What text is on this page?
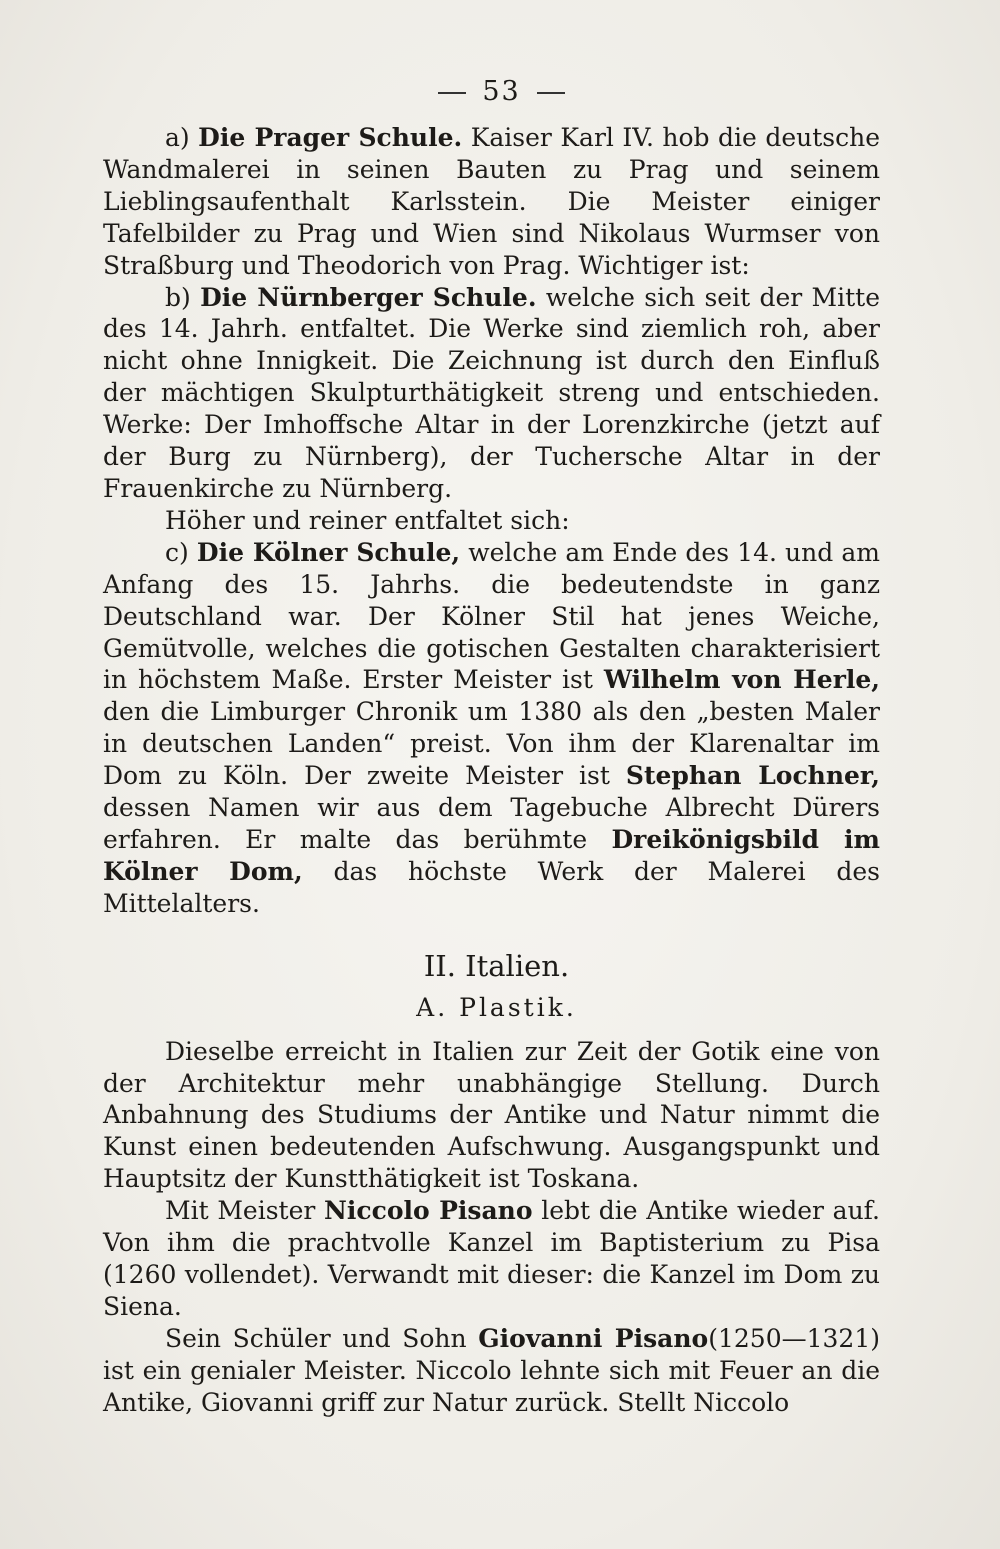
53

a) Die Prager Schule. Kaiser Karl IV. hob die deutsche Wandmalerei in seinen Bauten zu Prag und seinem Lieblingsaufenthalt Karlsstein. Die Meister einiger Tafelbilder zu Prag und Wien sind Nikolaus Wurmser von Straßburg und Theodorich von Prag. Wichtiger ist:

b) Die Nürnberger Schule. welche sich seit der Mitte des 14. Jahrh. entfaltet. Die Werke sind ziemlich roh, aber nicht ohne Innigkeit. Die Zeichnung ist durch den Einfluß der mächtigen Skulpturthätigkeit streng und entschieden. Werke: Der Imhoffsche Altar in der Lorenzkirche (jetzt auf der Burg zu Nürnberg), der Tuchersche Altar in der Frauenkirche zu Nürnberg.

Höher und reiner entfaltet sich:

c) Die Kölner Schule, welche am Ende des 14. und am Anfang des 15. Jahrhs. die bedeutendste in ganz Deutschland war. Der Kölner Stil hat jenes Weiche, Gemütvolle, welches die gotischen Gestalten charakterisiert in höchstem Maße. Erster Meister ist Wilhelm von Herle, den die Limburger Chronik um 1380 als den „besten Maler in deutschen Landen“ preist. Von ihm der Klarenaltar im Dom zu Köln. Der zweite Meister ist Stephan Lochner, dessen Namen wir aus dem Tagebuche Albrecht Dürers erfahren. Er malte das berühmte Dreikönigsbild im Kölner Dom, das höchste Werk der Malerei des Mittelalters.

II. Italien.
A. Plastik.

Dieselbe erreicht in Italien zur Zeit der Gotik eine von der Architektur mehr unabhängige Stellung. Durch Anbahnung des Studiums der Antike und Natur nimmt die Kunst einen bedeutenden Aufschwung. Ausgangspunkt und Hauptsitz der Kunstthätigkeit ist Toskana.

Mit Meister Niccolo Pisano lebt die Antike wieder auf. Von ihm die prachtvolle Kanzel im Baptisterium zu Pisa (1260 vollendet). Verwandt mit dieser: die Kanzel im Dom zu Siena.

Sein Schüler und Sohn Giovanni Pisano(1250—1321) ist ein genialer Meister. Niccolo lehnte sich mit Feuer an die Antike, Giovanni griff zur Natur zurück. Stellt Niccolo
